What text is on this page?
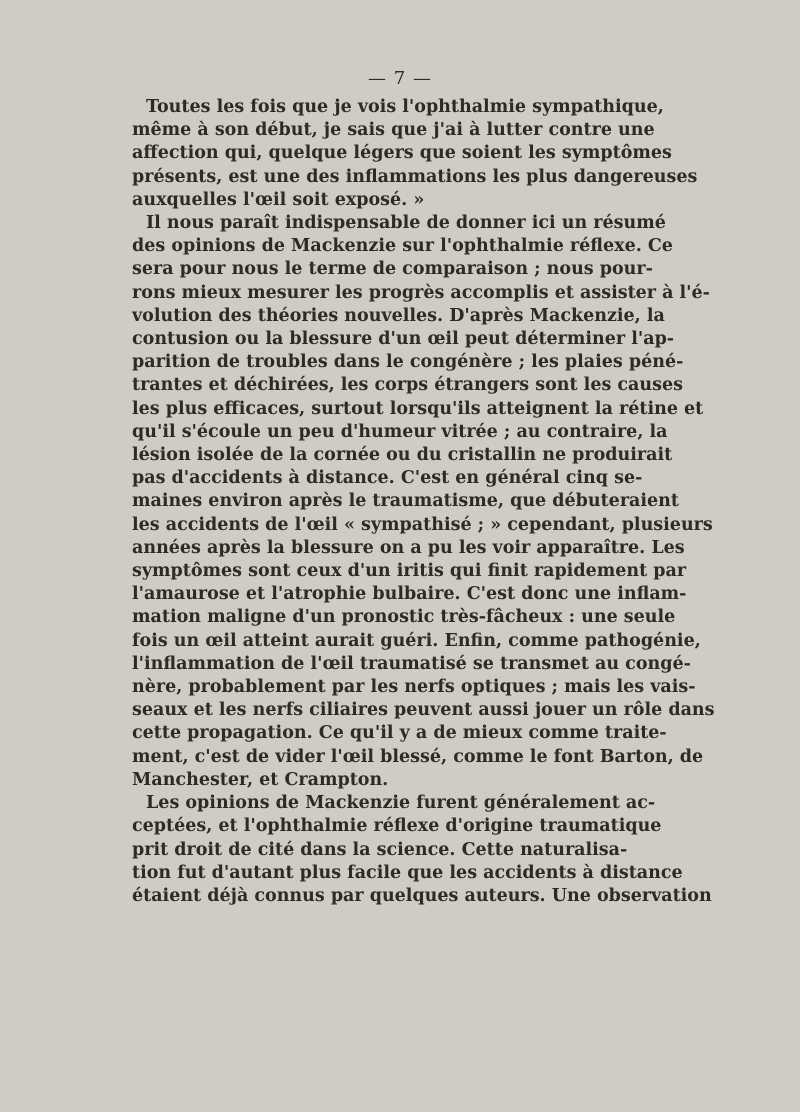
— 7 —
Toutes les fois que je vois l'ophthalmie sympathique,
même à son début, je sais que j'ai à lutter contre une
affection qui, quelque légers que soient les symptômes
présents, est une des inflammations les plus dangereuses
auxquelles l'œil soit exposé. »
Il nous paraît indispensable de donner ici un résumé
des opinions de Mackenzie sur l'ophthalmie réflexe. Ce
sera pour nous le terme de comparaison ; nous pour-
rons mieux mesurer les progrès accomplis et assister à l'é-
volution des théories nouvelles. D'après Mackenzie, la
contusion ou la blessure d'un œil peut déterminer l'ap-
parition de troubles dans le congénère ; les plaies péné-
trantes et déchirées, les corps étrangers sont les causes
les plus efficaces, surtout lorsqu'ils atteignent la rétine et
qu'il s'écoule un peu d'humeur vitrée ; au contraire, la
lésion isolée de la cornée ou du cristallin ne produirait
pas d'accidents à distance. C'est en général cinq se-
maines environ après le traumatisme, que débuteraient
les accidents de l'œil « sympathisé ; » cependant, plusieurs
années après la blessure on a pu les voir apparaître. Les
symptômes sont ceux d'un iritis qui finit rapidement par
l'amaurose et l'atrophie bulbaire. C'est donc une inflam-
mation maligne d'un pronostic très-fâcheux : une seule
fois un œil atteint aurait guéri. Enfin, comme pathogénie,
l'inflammation de l'œil traumatisé se transmet au congé-
nère, probablement par les nerfs optiques ; mais les vais-
seaux et les nerfs ciliaires peuvent aussi jouer un rôle dans
cette propagation. Ce qu'il y a de mieux comme traite-
ment, c'est de vider l'œil blessé, comme le font Barton, de
Manchester, et Crampton.
Les opinions de Mackenzie furent généralement ac-
ceptées, et l'ophthalmie réflexe d'origine traumatique
prit droit de cité dans la science. Cette naturalisa-
tion fut d'autant plus facile que les accidents à distance
étaient déjà connus par quelques auteurs. Une observation
